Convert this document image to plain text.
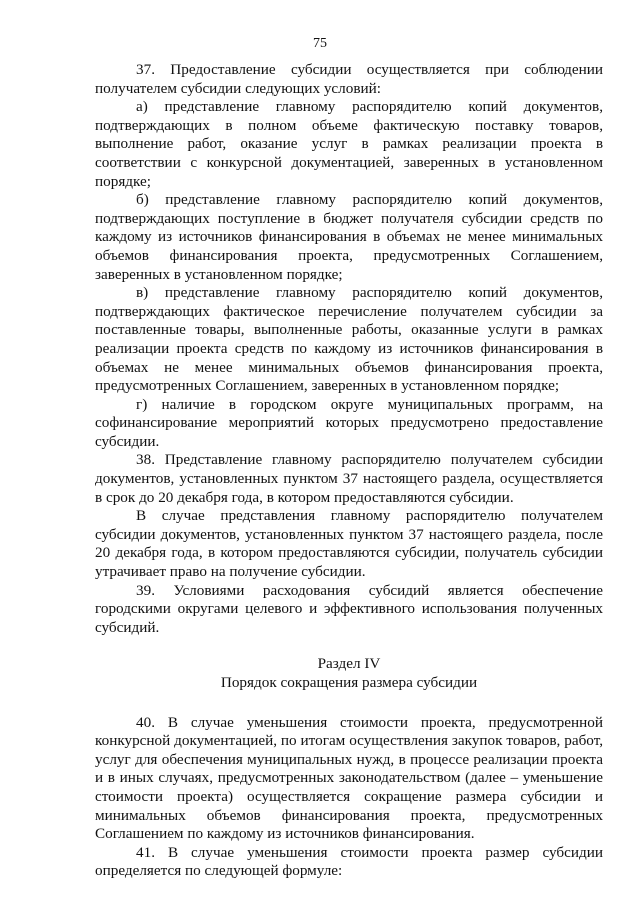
75

37. Предоставление субсидии осуществляется при соблюдении получателем субсидии следующих условий:

а) представление главному распорядителю копий документов, подтверждающих в полном объеме фактическую поставку товаров, выполнение работ, оказание услуг в рамках реализации проекта в соответствии с конкурсной документацией, заверенных в установленном порядке;

б) представление главному распорядителю копий документов, подтверждающих поступление в бюджет получателя субсидии средств по каждому из источников финансирования в объемах не менее минимальных объемов финансирования проекта, предусмотренных Соглашением, заверенных в установленном порядке;

в) представление главному распорядителю копий документов, подтверждающих фактическое перечисление получателем субсидии за поставленные товары, выполненные работы, оказанные услуги в рамках реализации проекта средств по каждому из источников финансирования в объемах не менее минимальных объемов финансирования проекта, предусмотренных Соглашением, заверенных в установленном порядке;

г) наличие в городском округе муниципальных программ, на софинансирование мероприятий которых предусмотрено предоставление субсидии.

38. Представление главному распорядителю получателем субсидии документов, установленных пунктом 37 настоящего раздела, осуществляется в срок до 20 декабря года, в котором предоставляются субсидии.

В случае представления главному распорядителю получателем субсидии документов, установленных пунктом 37 настоящего раздела, после 20 декабря года, в котором предоставляются субсидии, получатель субсидии утрачивает право на получение субсидии.

39. Условиями расходования субсидий является обеспечение городскими округами целевого и эффективного использования полученных субсидий.

Раздел IV

Порядок сокращения размера субсидии

40. В случае уменьшения стоимости проекта, предусмотренной конкурсной документацией, по итогам осуществления закупок товаров, работ, услуг для обеспечения муниципальных нужд, в процессе реализации проекта и в иных случаях, предусмотренных законодательством (далее – уменьшение стоимости проекта) осуществляется сокращение размера субсидии и минимальных объемов финансирования проекта, предусмотренных Соглашением по каждому из источников финансирования.

41. В случае уменьшения стоимости проекта размер субсидии определяется по следующей формуле:
